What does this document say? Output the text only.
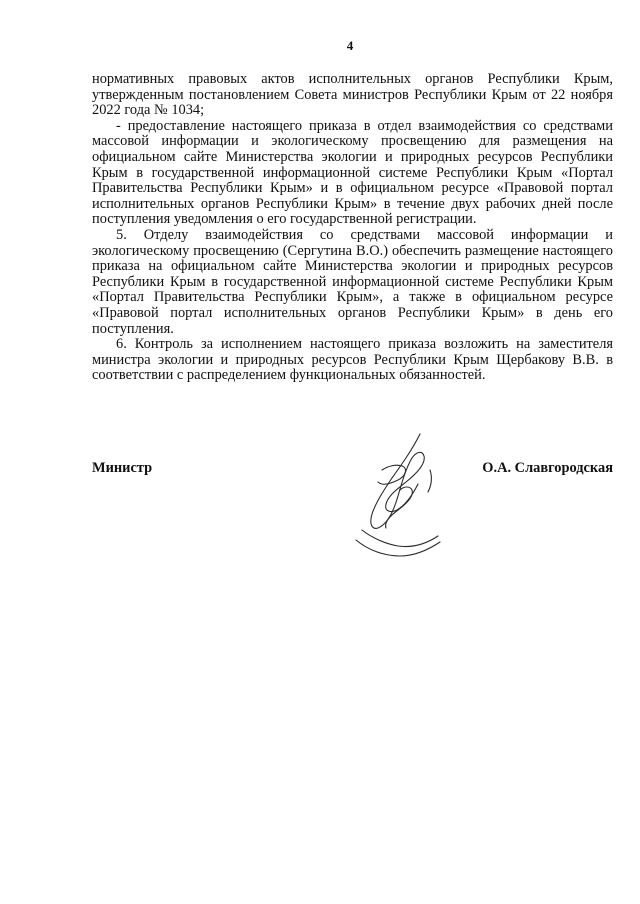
4

нормативных правовых актов исполнительных органов Республики Крым, утвержденным постановлением Совета министров Республики Крым от 22 ноября 2022 года № 1034;

- предоставление настоящего приказа в отдел взаимодействия со средствами массовой информации и экологическому просвещению для размещения на официальном сайте Министерства экологии и природных ресурсов Республики Крым в государственной информационной системе Республики Крым «Портал Правительства Республики Крым» и в официальном ресурсе «Правовой портал исполнительных органов Республики Крым» в течение двух рабочих дней после поступления уведомления о его государственной регистрации.

5. Отделу взаимодействия со средствами массовой информации и экологическому просвещению (Сергутина В.О.) обеспечить размещение настоящего приказа на официальном сайте Министерства экологии и природных ресурсов Республики Крым в государственной информационной системе Республики Крым «Портал Правительства Республики Крым», а также в официальном ресурсе «Правовой портал исполнительных органов Республики Крым» в день его поступления.

6. Контроль за исполнением настоящего приказа возложить на заместителя министра экологии и природных ресурсов Республики Крым Щербакову В.В. в соответствии с распределением функциональных обязанностей.

Министр	О.А. Славгородская
